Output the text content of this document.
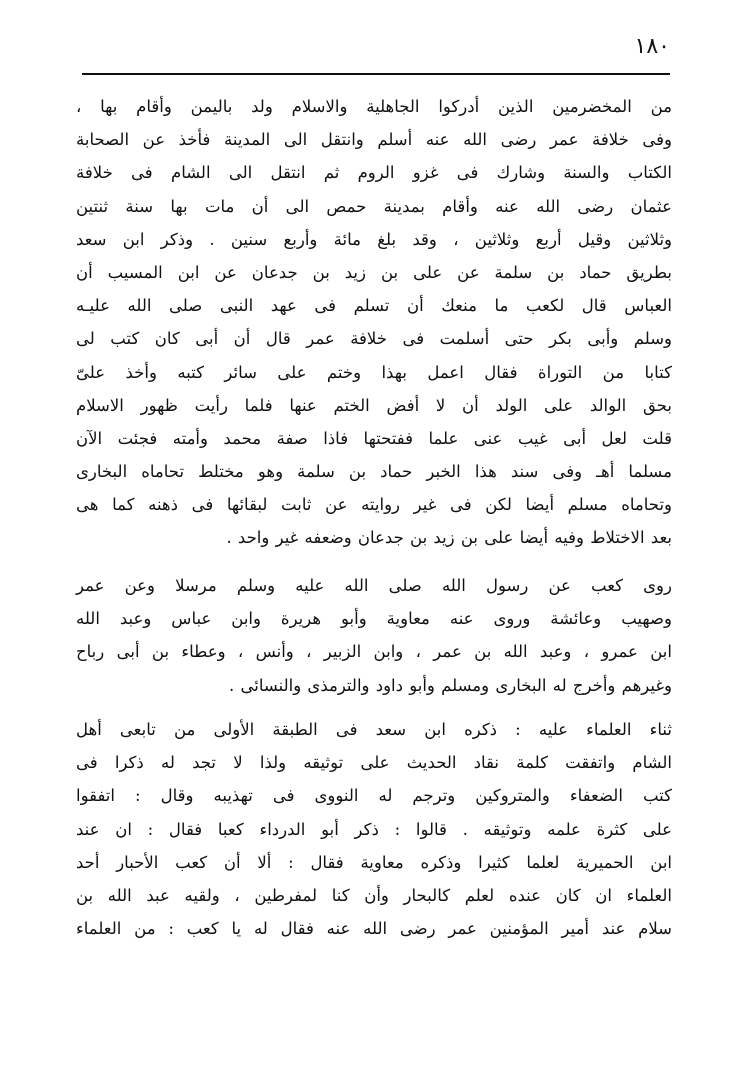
١٨٠
من المخضرمين الذين أدركوا الجاهلية والاسلام ولد باليمن وأقام بها ،
وفى خلافة عمر رضى الله عنه أسلم وانتقل الى المدينة فأخذ عن الصحابة
الكتاب والسنة وشارك فى غزو الروم ثم انتقل الى الشام فى خلافة
عثمان رضى الله عنه وأقام بمدينة حمص الى أن مات بها سنة ثنتين
وثلاثين وقيل أربع وثلاثين ، وقد بلغ مائة وأربع سنين . وذكر ابن سعد
بطريق حماد بن سلمة عن على بن زيد بن جدعان عن ابن المسيب أن
العباس قال لكعب ما منعك أن تسلم فى عهد النبى صلى الله عليـه
وسلم وأبى بكر حتى أسلمت فى خلافة عمر قال أن أبى كان كتب لى
كتابا من التوراة فقال اعمل بهذا وختم على سائر كتبه وأخذ علىّ
بحق الوالد على الولد أن لا أفض الختم عنها فلما رأيت ظهور الاسلام
قلت لعل أبى غيب عنى علما ففتحتها فاذا صفة محمد وأمته فجئت الآن
مسلما أهـ وفى سند هذا الخبر حماد بن سلمة وهو مختلط تحاماه البخارى
وتحاماه مسلم أيضا لكن فى غير روايته عن ثابت لبقائها فى ذهنه كما هى
بعد الاختلاط وفيه أيضا على بن زيد بن جدعان وضعفه غير واحد .
روى كعب عن رسول الله صلى الله عليه وسلم مرسلا وعن عمر
وصهيب وعائشة وروى عنه معاوية وأبو هريرة وابن عباس وعبد الله
ابن عمرو ، وعبد الله بن عمر ، وابن الزبير ، وأنس ، وعطاء بن أبى رباح
وغيرهم وأخرج له البخارى ومسلم وأبو داود والترمذى والنسائى .
ثناء العلماء عليه : ذكره ابن سعد فى الطبقة الأولى من تابعى أهل
الشام واتفقت كلمة نقاد الحديث على توثيقه ولذا لا تجد له ذكرا فى
كتب الضعفاء والمتروكين وترجم له النووى فى تهذيبه وقال : اتفقوا
على كثرة علمه وتوثيقه . قالوا : ذكر أبو الدرداء كعبا فقال : ان عند
ابن الحميرية لعلما كثيرا وذكره معاوية فقال : ألا أن كعب الأحبار أحد
العلماء ان كان عنده لعلم كالبحار وأن كنا لمفرطين ، ولقيه عبد الله بن
سلام عند أمير المؤمنين عمر رضى الله عنه فقال له يا كعب : من العلماء
